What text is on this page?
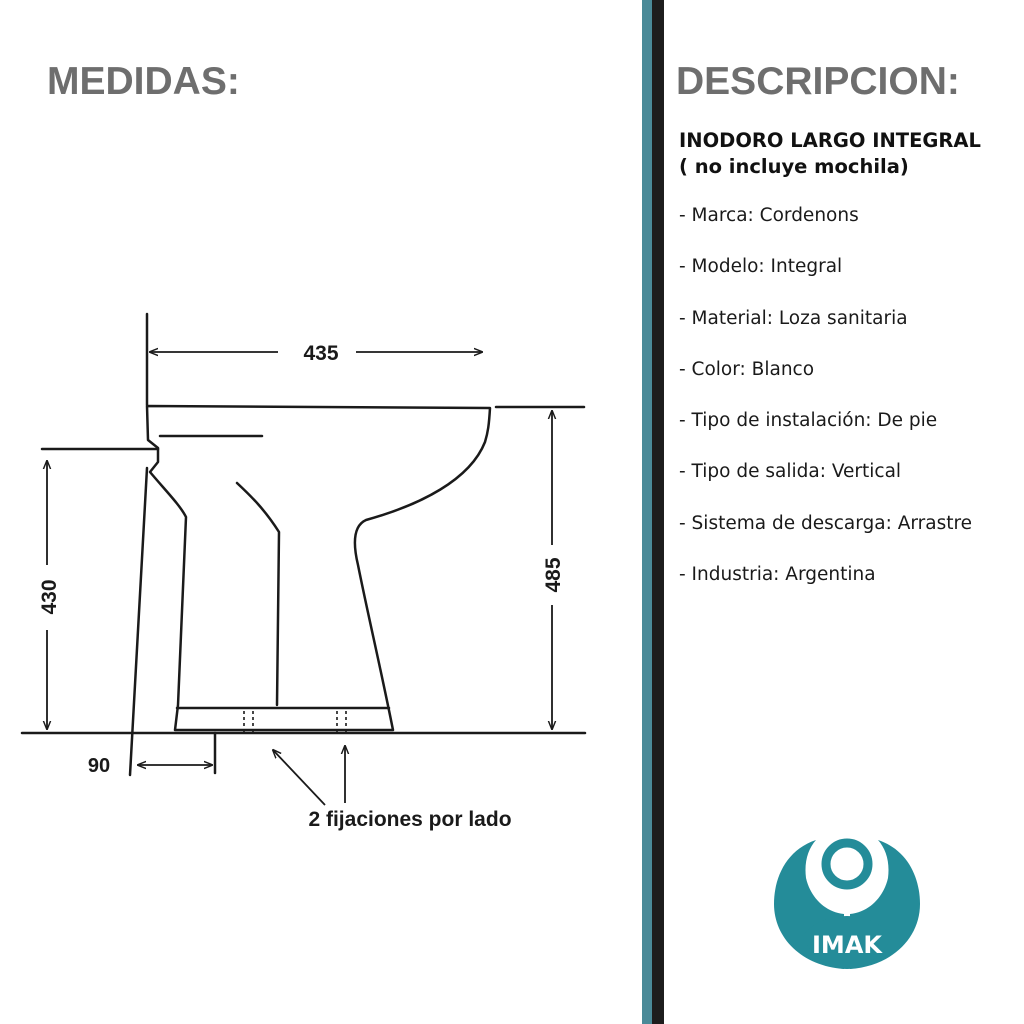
MEDIDAS:	DESCRIPCION:
435
430
485
90
2 fijaciones por lado

INODORO LARGO INTEGRAL

( no incluye mochila)

- Marca: Cordenons
- Modelo: Integral
- Material: Loza sanitaria
- Color: Blanco
- Tipo de instalación: De pie
- Tipo de salida: Vertical
- Sistema de descarga: Arrastre
- Industria: Argentina
IMAK
